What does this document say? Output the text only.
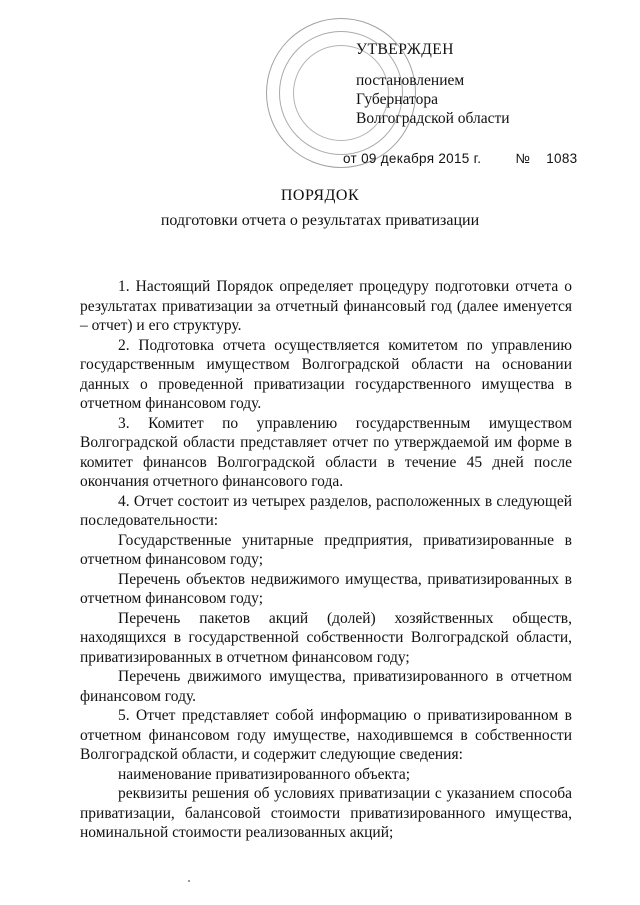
УТВЕРЖДЕН
постановлением
Губернатора
Волгоградской области
от 09 декабря 2015 г.	№ 1083
ПОРЯДОК
подготовки отчета о результатах приватизации

1. Настоящий Порядок определяет процедуру подготовки отчета о результатах приватизации за отчетный финансовый год (далее именуется – отчет) и его структуру.

2. Подготовка отчета осуществляется комитетом по управлению государственным имуществом Волгоградской области на основании данных о проведенной приватизации государственного имущества в отчетном финансовом году.

3. Комитет по управлению государственным имуществом Волгоградской области представляет отчет по утверждаемой им форме в комитет финансов Волгоградской области в течение 45 дней после окончания отчетного финансового года.

4. Отчет состоит из четырех разделов, расположенных в следующей последовательности:

Государственные унитарные предприятия, приватизированные в отчетном финансовом году;

Перечень объектов недвижимого имущества, приватизированных в отчетном финансовом году;

Перечень пакетов акций (долей) хозяйственных обществ, находящихся в государственной собственности Волгоградской области, приватизированных в отчетном финансовом году;

Перечень движимого имущества, приватизированного в отчетном финансовом году.

5. Отчет представляет собой информацию о приватизированном в отчетном финансовом году имуществе, находившемся в собственности Волгоградской области, и содержит следующие сведения:

наименование приватизированного объекта;

реквизиты решения об условиях приватизации с указанием способа приватизации, балансовой стоимости приватизированного имущества, номинальной стоимости реализованных акций;
